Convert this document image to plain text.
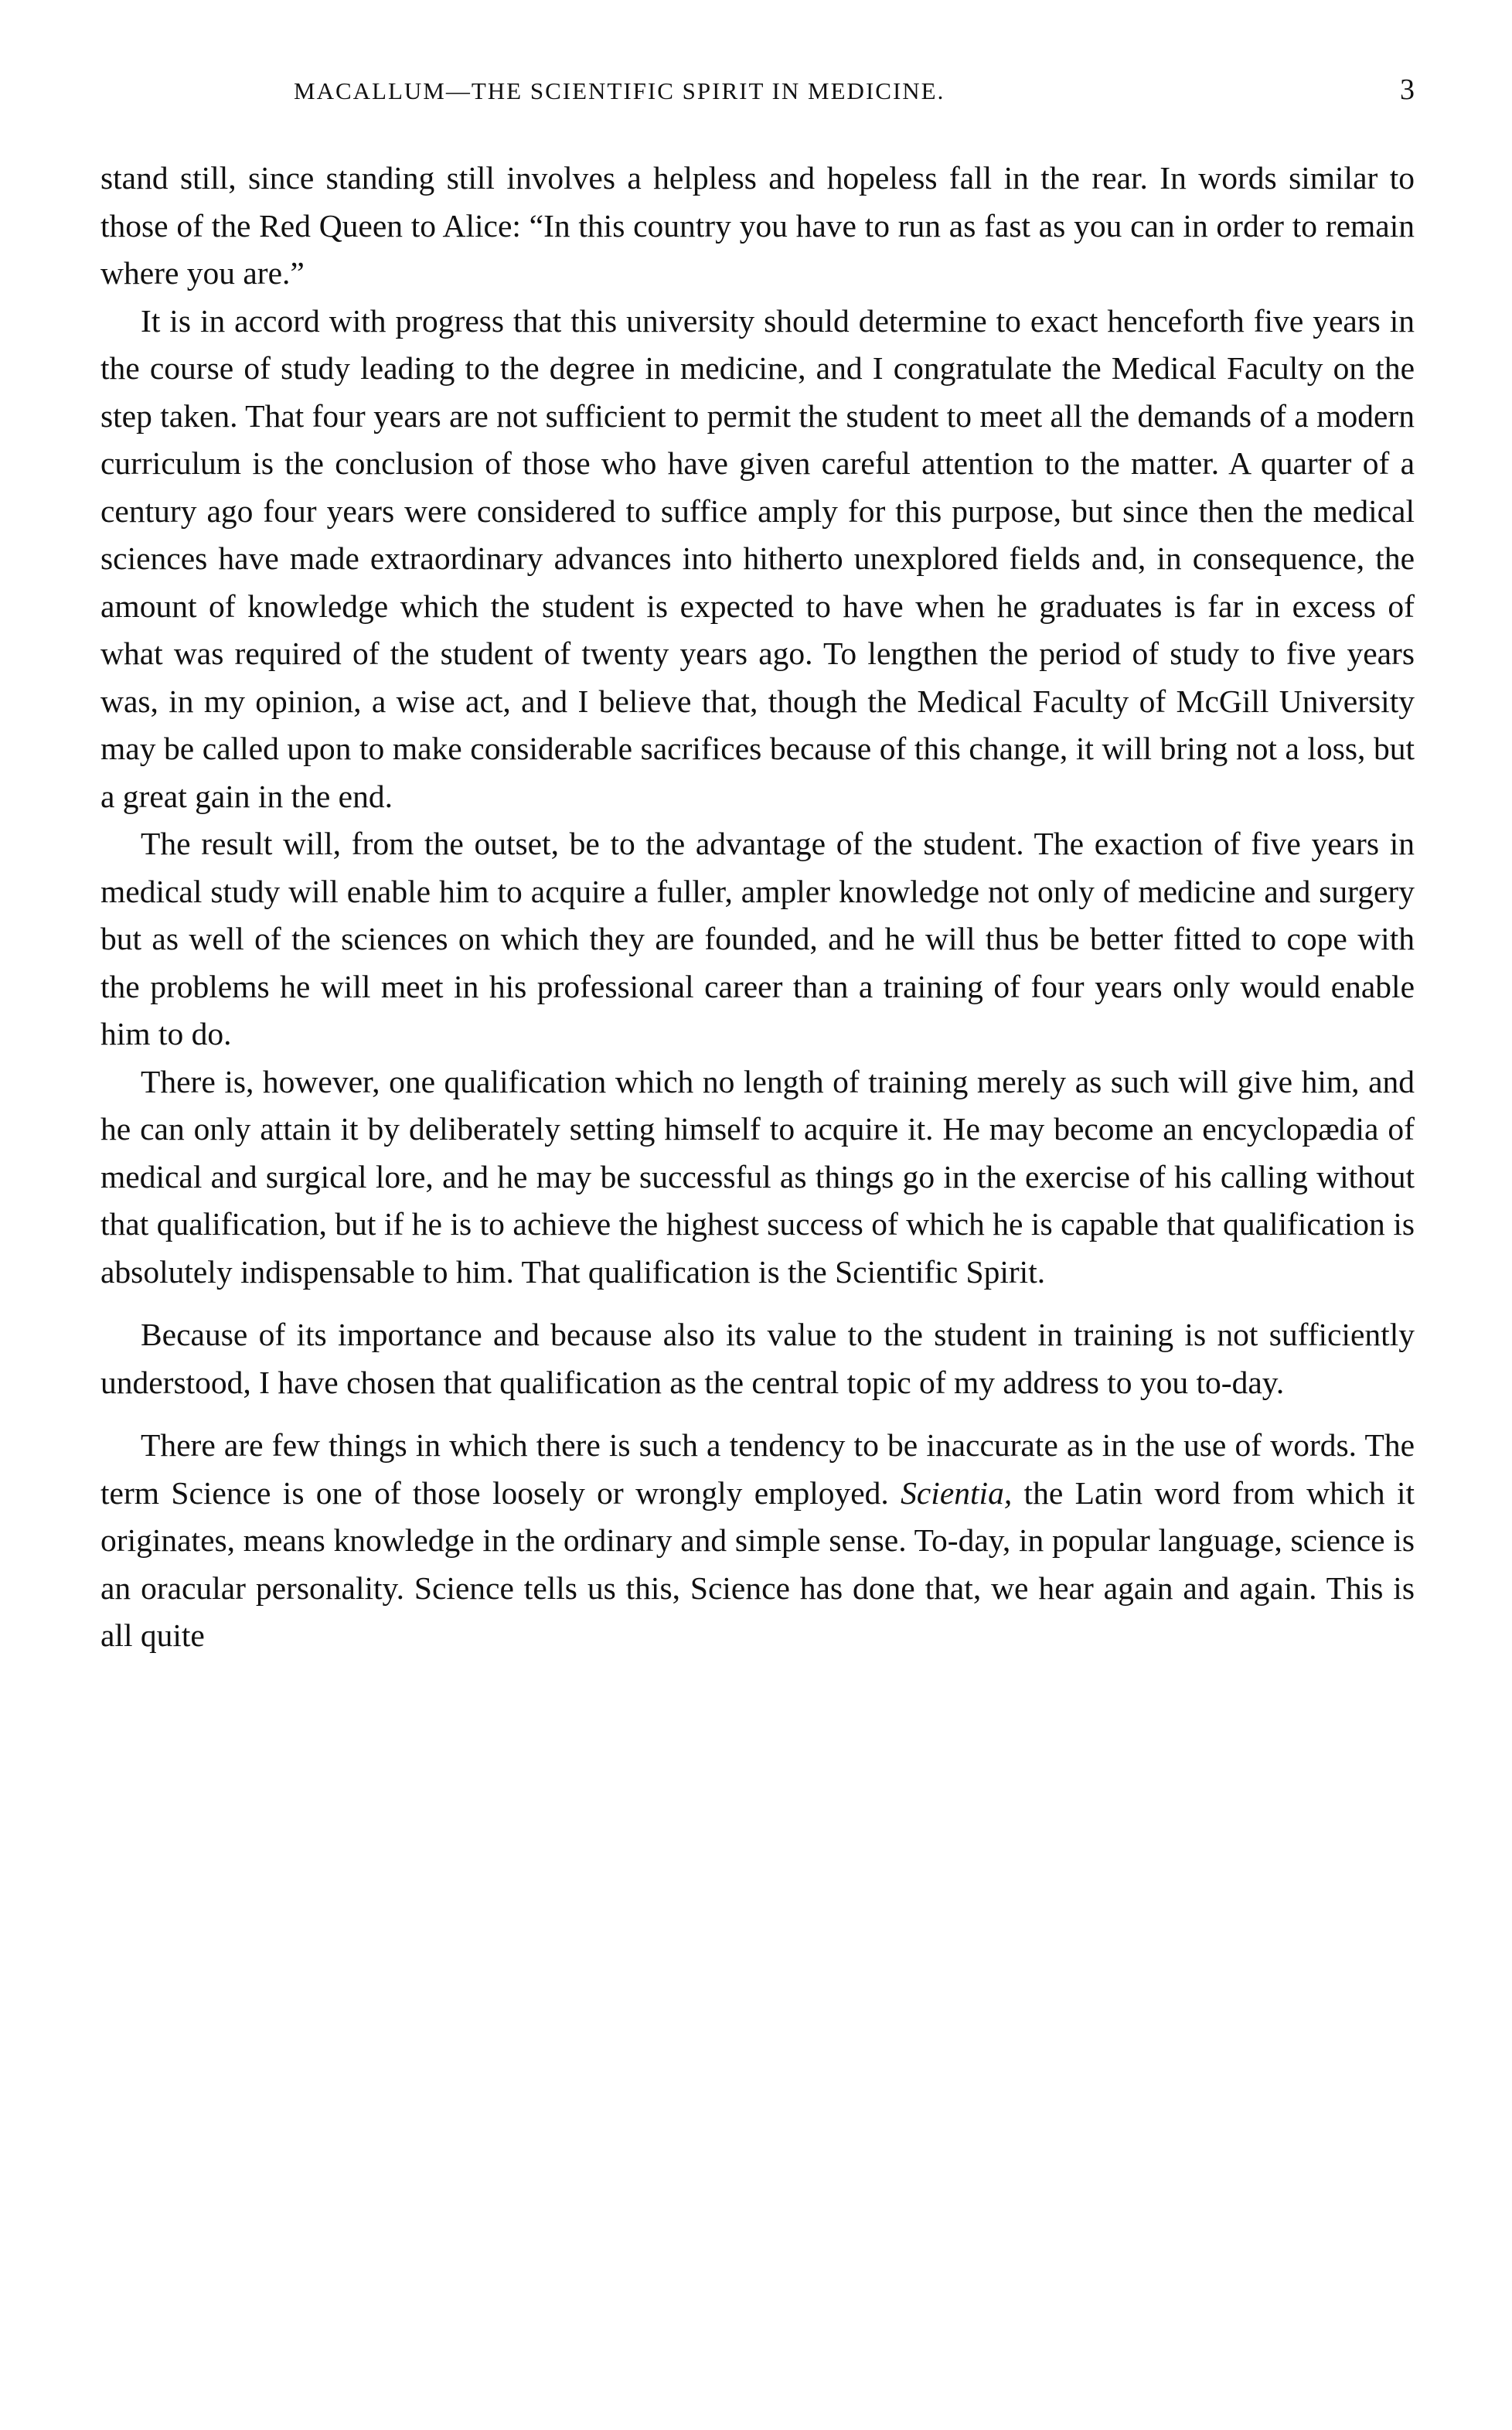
MACALLUM—THE SCIENTIFIC SPIRIT IN MEDICINE.	3

stand still, since standing still involves a helpless and hopeless fall in the rear. In words similar to those of the Red Queen to Alice: “In this country you have to run as fast as you can in order to remain where you are.”

It is in accord with progress that this university should determine to exact henceforth five years in the course of study leading to the degree in medicine, and I congratulate the Medical Faculty on the step taken. That four years are not sufficient to permit the student to meet all the demands of a modern curriculum is the conclusion of those who have given careful attention to the matter. A quarter of a century ago four years were considered to suffice amply for this purpose, but since then the medical sciences have made extraordinary advances into hitherto unexplored fields and, in consequence, the amount of knowledge which the student is expected to have when he graduates is far in excess of what was required of the student of twenty years ago. To lengthen the period of study to five years was, in my opinion, a wise act, and I believe that, though the Medical Faculty of McGill University may be called upon to make considerable sacrifices because of this change, it will bring not a loss, but a great gain in the end.

The result will, from the outset, be to the advantage of the student. The exaction of five years in medical study will enable him to acquire a fuller, ampler knowledge not only of medicine and surgery but as well of the sciences on which they are founded, and he will thus be better fitted to cope with the problems he will meet in his professional career than a training of four years only would enable him to do.

There is, however, one qualification which no length of training merely as such will give him, and he can only attain it by deliberately setting himself to acquire it. He may become an encyclopædia of medical and surgical lore, and he may be successful as things go in the exercise of his calling without that qualification, but if he is to achieve the highest success of which he is capable that qualification is absolutely indispensable to him. That qualification is the Scientific Spirit.

Because of its importance and because also its value to the student in training is not sufficiently understood, I have chosen that qualification as the central topic of my address to you to-day.

There are few things in which there is such a tendency to be inaccurate as in the use of words. The term Science is one of those loosely or wrongly employed. Scientia, the Latin word from which it originates, means knowledge in the ordinary and simple sense. To-day, in popular language, science is an oracular personality. Science tells us this, Science has done that, we hear again and again. This is all quite
